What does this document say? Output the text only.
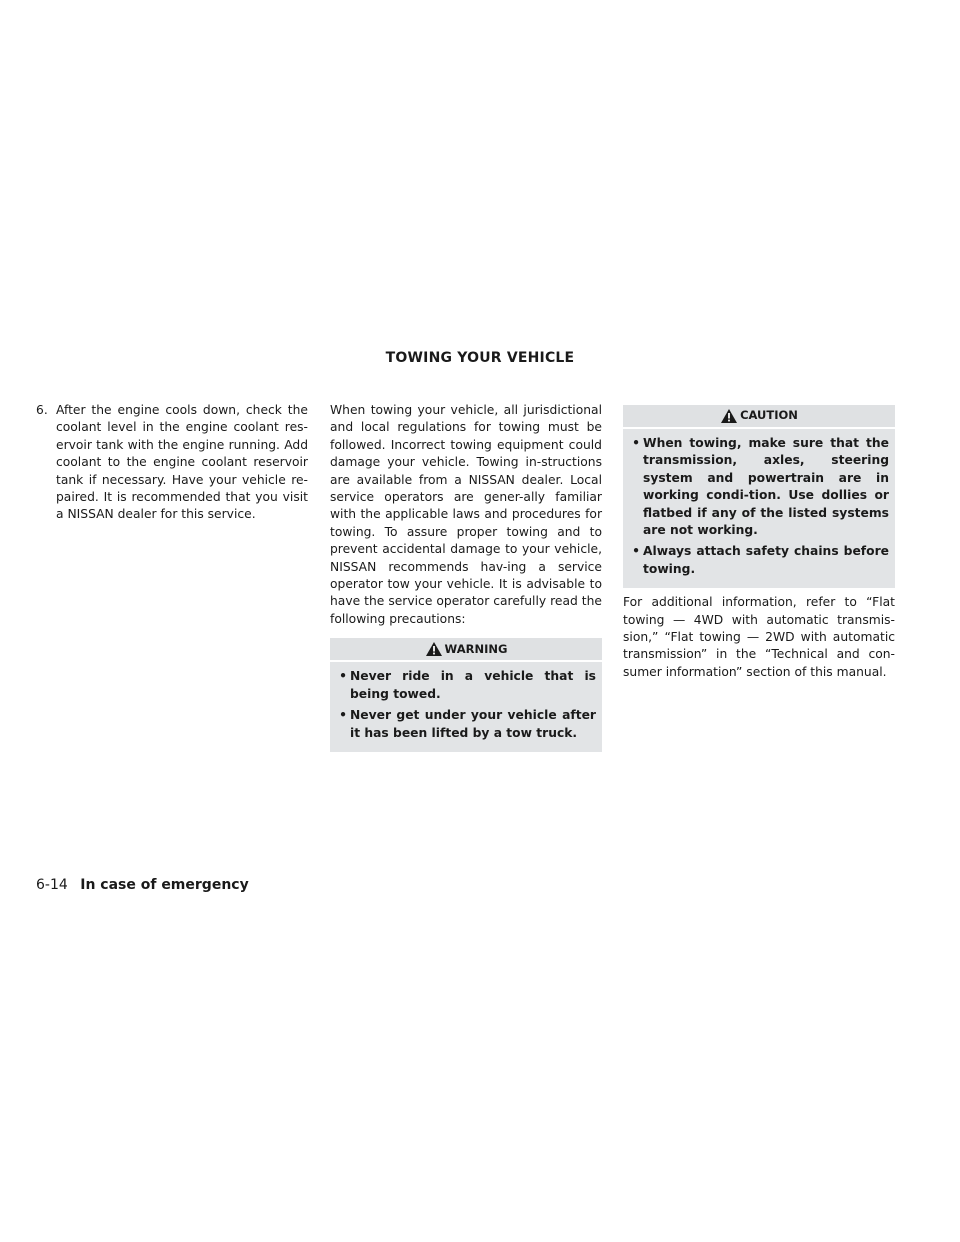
TOWING YOUR VEHICLE
6. After the engine cools down, check the coolant level in the engine coolant res-ervoir tank with the engine running. Add coolant to the engine coolant reservoir tank if necessary. Have your vehicle re-paired. It is recommended that you visit a NISSAN dealer for this service.

When towing your vehicle, all jurisdictional and local regulations for towing must be followed. Incorrect towing equipment could damage your vehicle. Towing in-structions are available from a NISSAN dealer. Local service operators are gener-ally familiar with the applicable laws and procedures for towing. To assure proper towing and to prevent accidental damage to your vehicle, NISSAN recommends hav-ing a service operator tow your vehicle. It is advisable to have the service operator carefully read the following precautions:

WARNING
• Never ride in a vehicle that is being towed.
• Never get under your vehicle after it has been lifted by a tow truck.
CAUTION
• When towing, make sure that the transmission, axles, steering system and powertrain are in working condi-tion. Use dollies or flatbed if any of the listed systems are not working.
• Always attach safety chains before towing.

For additional information, refer to “Flat towing — 4WD with automatic transmis-sion,” “Flat towing — 2WD with automatic transmission” in the “Technical and con-sumer information” section of this manual.

6-14 In case of emergency
